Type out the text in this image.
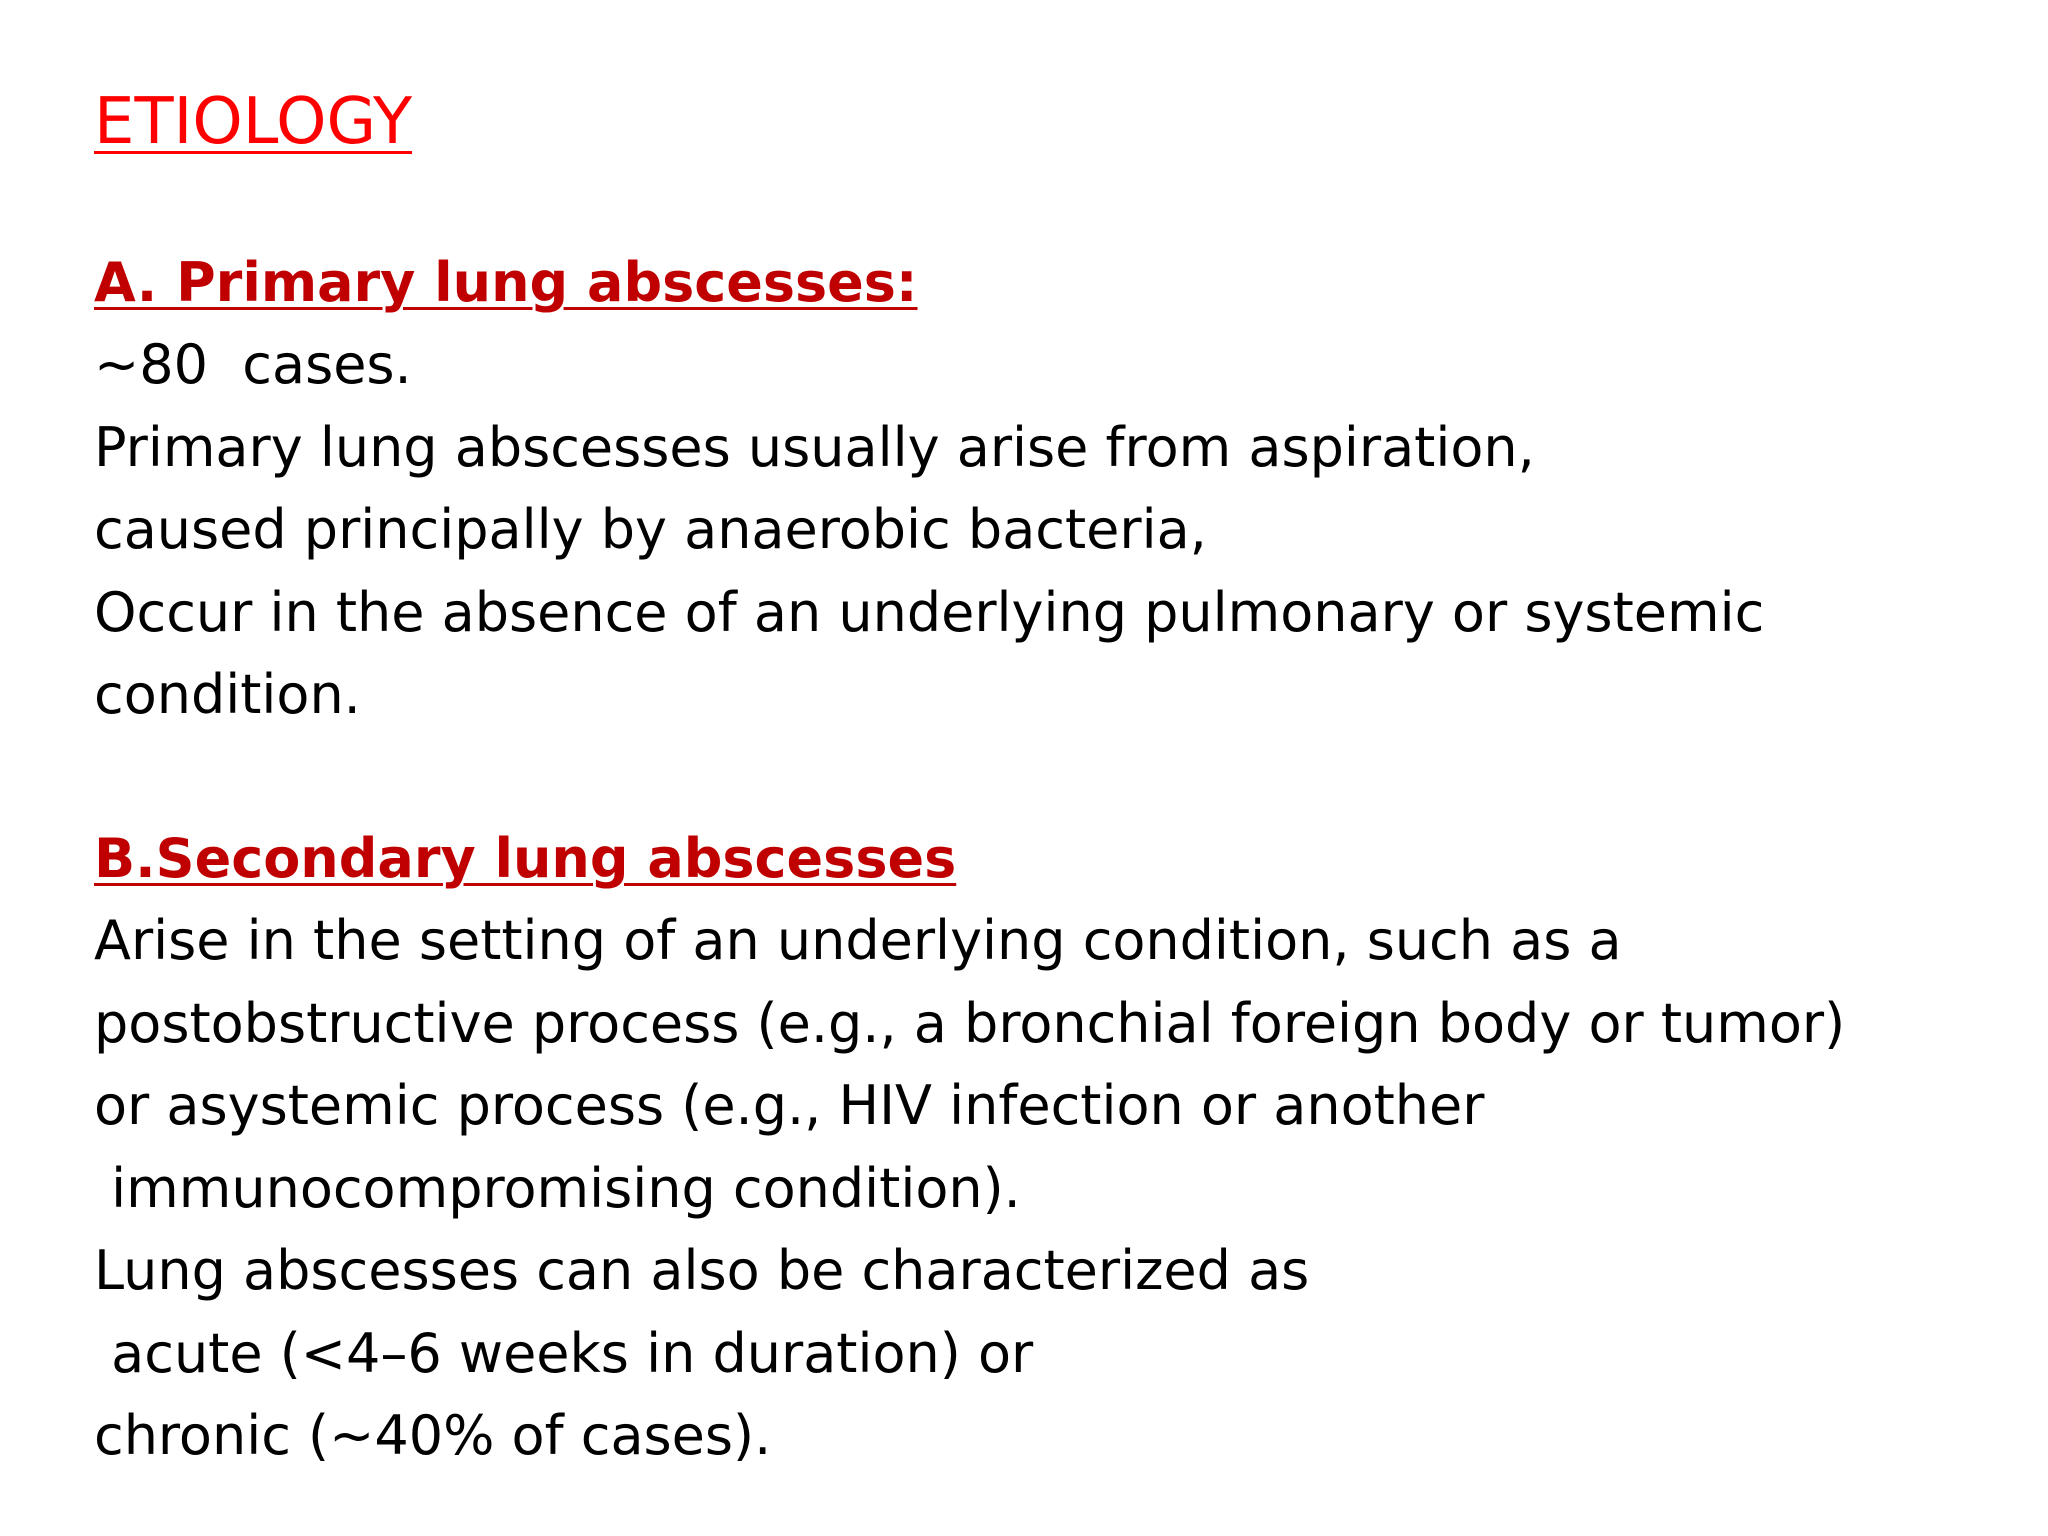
ETIOLOGY
A. Primary lung abscesses:
~80  cases.
Primary lung abscesses usually arise from aspiration,
caused principally by anaerobic bacteria,
Occur in the absence of an underlying pulmonary or systemic
condition.
B.Secondary lung abscesses
Arise in the setting of an underlying condition, such as a
postobstructive process (e.g., a bronchial foreign body or tumor)
or asystemic process (e.g., HIV infection or another
immunocompromising condition).
Lung abscesses can also be characterized as
acute (<4–6 weeks in duration) or
chronic (~40% of cases).
